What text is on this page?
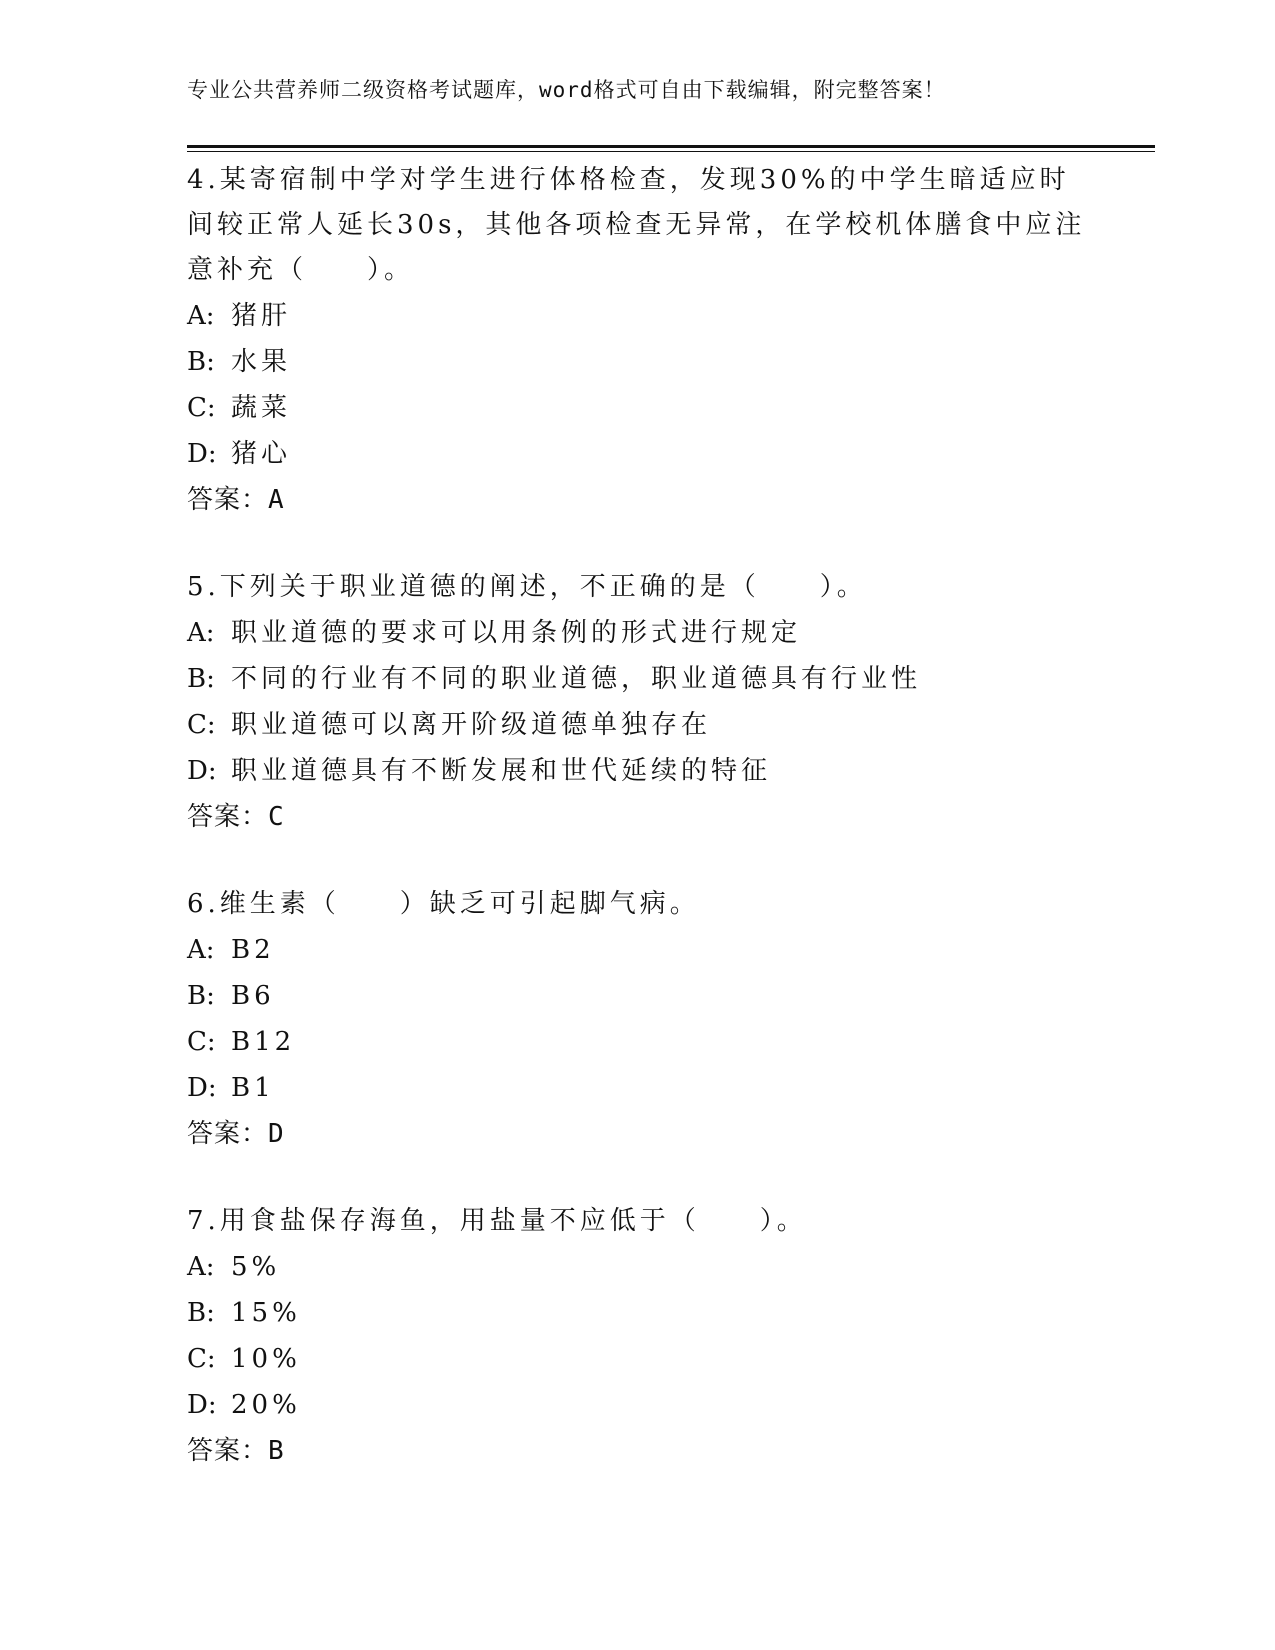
专业公共营养师二级资格考试题库，word格式可自由下载编辑，附完整答案！
4.某寄宿制中学对学生进行体格检查，发现30%的中学生暗适应时间较正常人延长30s，其他各项检查无异常，在学校机体膳食中应注意补充（　　）。
A: 猪肝
B: 水果
C: 蔬菜
D: 猪心
答案：A
5.下列关于职业道德的阐述，不正确的是（　　）。
A: 职业道德的要求可以用条例的形式进行规定
B: 不同的行业有不同的职业道德，职业道德具有行业性
C: 职业道德可以离开阶级道德单独存在
D: 职业道德具有不断发展和世代延续的特征
答案：C
6.维生素（　　）缺乏可引起脚气病。
A: B2
B: B6
C: B12
D: B1
答案：D
7.用食盐保存海鱼，用盐量不应低于（　　）。
A: 5%
B: 15%
C: 10%
D: 20%
答案：B
